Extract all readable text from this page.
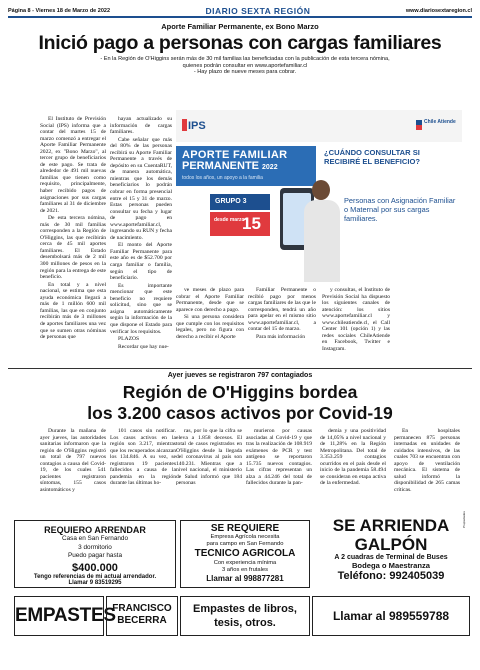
Página 8 - Viernes 18 de Marzo de 2022	DIARIO SEXTA REGIÓN	www.diariosextaregion.cl
Aporte Familiar Permanente, ex Bono Marzo
Inició pago a personas con cargas familiares
- En la Región de O'Higgins serán más de 30 mil familias las beneficiadas con la publicación de esta tercera nómina,
quienes podrán consultar en www.aportefamiliar.cl
- Hay plazo de nueve meses para cobrar.

El Instituto de Previsión Social (IPS) informa que a contar del martes 15 de marzo comenzó a entregar el Aporte Familiar Permanente 2022, ex "Bono Marzo", al tercer grupo de beneficiarios de este pago. Se trata de alrededor de 491 mil nuevas familias que tienen como requisito, principalmente, haber recibido pagos de asignaciones por sus cargas familiares al 31 de diciembre de 2021.

De esta tercera nómina, más de 30 mil familias corresponden a la Región de O'Higgins, las que recibirán cerca de 45 mil aportes familiares. El Estado desembolsará más de 2 mil 300 millones de pesos en la región para la entrega de este beneficio.

En total y a nivel nacional, se estima que esta ayuda económica llegará a más de 1 millón 600 mil familias, las que en conjunto recibirán más de 3 millones de aportes familiares una vez que se sumen otras nóminas de personas que

hayan actualizado su información de cargas familiares.

Cabe señalar que más del 80% de las personas recibirá su Aporte Familiar Permanente a través de depósito en su CuentaRUT, de manera automática, mientras que los demás beneficiarios lo podrán cobrar en forma presencial entre el 15 y 31 de marzo. Estas personas pueden consultar su fecha y lugar de pago en www.aportefamiliar.cl, ingresando su RUN y fecha de nacimiento.

El monto del Aporte Familiar Permanente para este año es de $52.700 por carga familiar o familia, según el tipo de beneficiario.

Es importante mencionar que este beneficio no requiere solicitud, sino que se asigna automáticamente según la información de la que dispone el Estado para verificar los requisitos.

PLAZOS

Recordar que hay nue-

IPS	Chile Atiende
APORTE FAMILIAR
PERMANENTE 2022
todos los años, un apoyo a la familia
¿CUÁNDO CONSULTAR SI RECIBIRÉ EL BENEFICIO?
GRUPO 3
desde marzo
15
Personas con Asignación Familiar o Maternal por sus cargas familiares.

ve meses de plazo para cobrar el Aporte Familiar Permanente, desde que se aparece con derecho a pago.

Si una persona considera que cumple con los requisitos legales, pero no figura con derecho a recibir el Aporte

Familiar Permanente o recibió pago por menos cargas familiares de las que le corresponden, tendrá un año para apelar en el mismo sitio www.aportefamiliar.cl, a contar del 15 de marzo.

Para más información

y consultas, el Instituto de Previsión Social ha dispuesto los siguientes canales de atención: los sitios www.aportefamiliar.cl y www.chileatiende.cl, el Call Center 101 (opción 1) y las redes sociales ChileAtiende en Facebook, Twitter e Instagram.

Ayer jueves se registraron 797 contagiados
Región de O'Higgins bordea
los 3.200 casos activos por Covid-19

Durante la mañana de ayer jueves, las autoridades sanitarias informaron que la región de O'Higgins registró un total de 797 nuevos contagios a causa del Covid-19, de los cuales 541 pacientes registraron síntomas, 155 casos asintomáticos y

101 casos sin notificar. Los casos activos en la región son 3.217, mientras que los recuperados alcanzan los 134.846. A su vez, se registraron 19 pacientes fallecidos a causa de la pandemia en la región durante las últimas ho-

ras, por lo que la cifra se eleva a 1.858 decesos. El total de casos registrados en O'Higgins desde la llegada del coronavirus al país son 140.231. Mientras que a nivel nacional, el ministerio de Salud informó que 184 personas

murieron por causas asociadas al Covid-19 y que tras la realización de 108.919 exámenes de PCR y test antígeno se reportaron 15.735 nuevos contagios. Las cifras representan un alza a 44.246 del total de fallecidos durante la pan-

demia y una positividad de 14,05% a nivel nacional y de 11,28% en la Región Metropolitana. Del total de 3.353.259 contagios ocurridos en el país desde el inicio de la pandemia 58.494 se consideran en etapa activa de la enfermedad.

En hospitales permanecen 875 personas internadas en unidades de cuidados intensivos, de las cuales 703 se encuentran con apoyo de ventilación mecánica. El sistema de salud informó la disponibilidad de 265 camas críticas.

REQUIERO ARRENDAR
Casa en San Fernando
3 dormitorio
Puedo pagar hasta
$400.000
Tengo referencias de mi actual arrendador.
Llamar 9 83519295
SE REQUIERE
Empresa Agrícola necesita
para campo en San Fernando
TECNICO AGRICOLA
Con experiencia mínima
3 años en frutales
Llamar al 998877281
SE ARRIENDA
GALPÓN
A 2 cuadras de Terminal de Buses
Bodega o Maestranza
Teléfono: 992405039
Propiedades
EMPASTES
FRANCISCO
BECERRA
Empastes de libros,
tesis, otros.	Llamar al 989559788
